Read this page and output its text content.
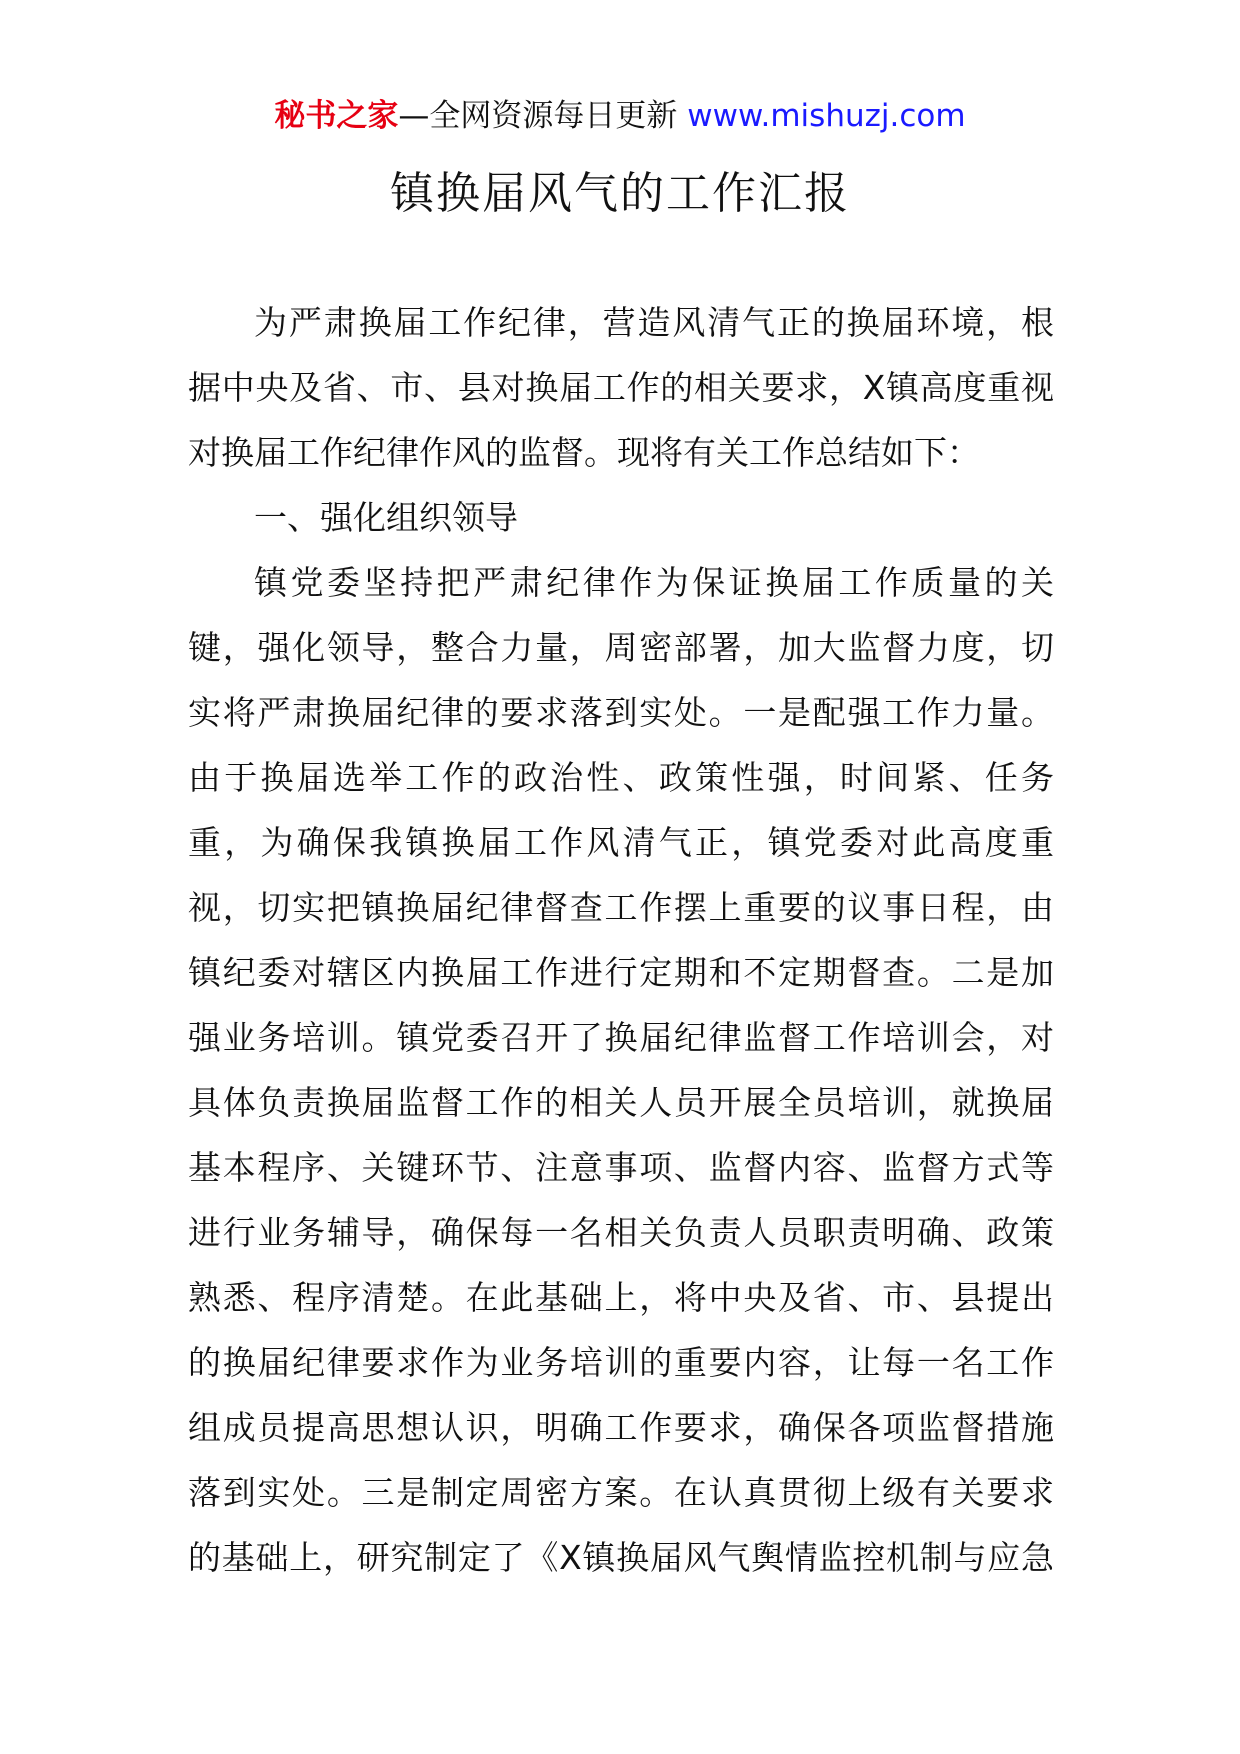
秘书之家—全网资源每日更新 www.mishuzj.com
镇换届风气的工作汇报
为严肃换届工作纪律，营造风清气正的换届环境，根
据中央及省、市、县对换届工作的相关要求，X镇高度重视
对换届工作纪律作风的监督。现将有关工作总结如下：
一、强化组织领导
镇党委坚持把严肃纪律作为保证换届工作质量的关
键，强化领导，整合力量，周密部署，加大监督力度，切
实将严肃换届纪律的要求落到实处。一是配强工作力量。
由于换届选举工作的政治性、政策性强，时间紧、任务
重，为确保我镇换届工作风清气正，镇党委对此高度重
视，切实把镇换届纪律督查工作摆上重要的议事日程，由
镇纪委对辖区内换届工作进行定期和不定期督查。二是加
强业务培训。镇党委召开了换届纪律监督工作培训会，对
具体负责换届监督工作的相关人员开展全员培训，就换届
基本程序、关键环节、注意事项、监督内容、监督方式等
进行业务辅导，确保每一名相关负责人员职责明确、政策
熟悉、程序清楚。在此基础上，将中央及省、市、县提出
的换届纪律要求作为业务培训的重要内容，让每一名工作
组成员提高思想认识，明确工作要求，确保各项监督措施
落到实处。三是制定周密方案。在认真贯彻上级有关要求
的基础上，研究制定了《X镇换届风气舆情监控机制与应急
